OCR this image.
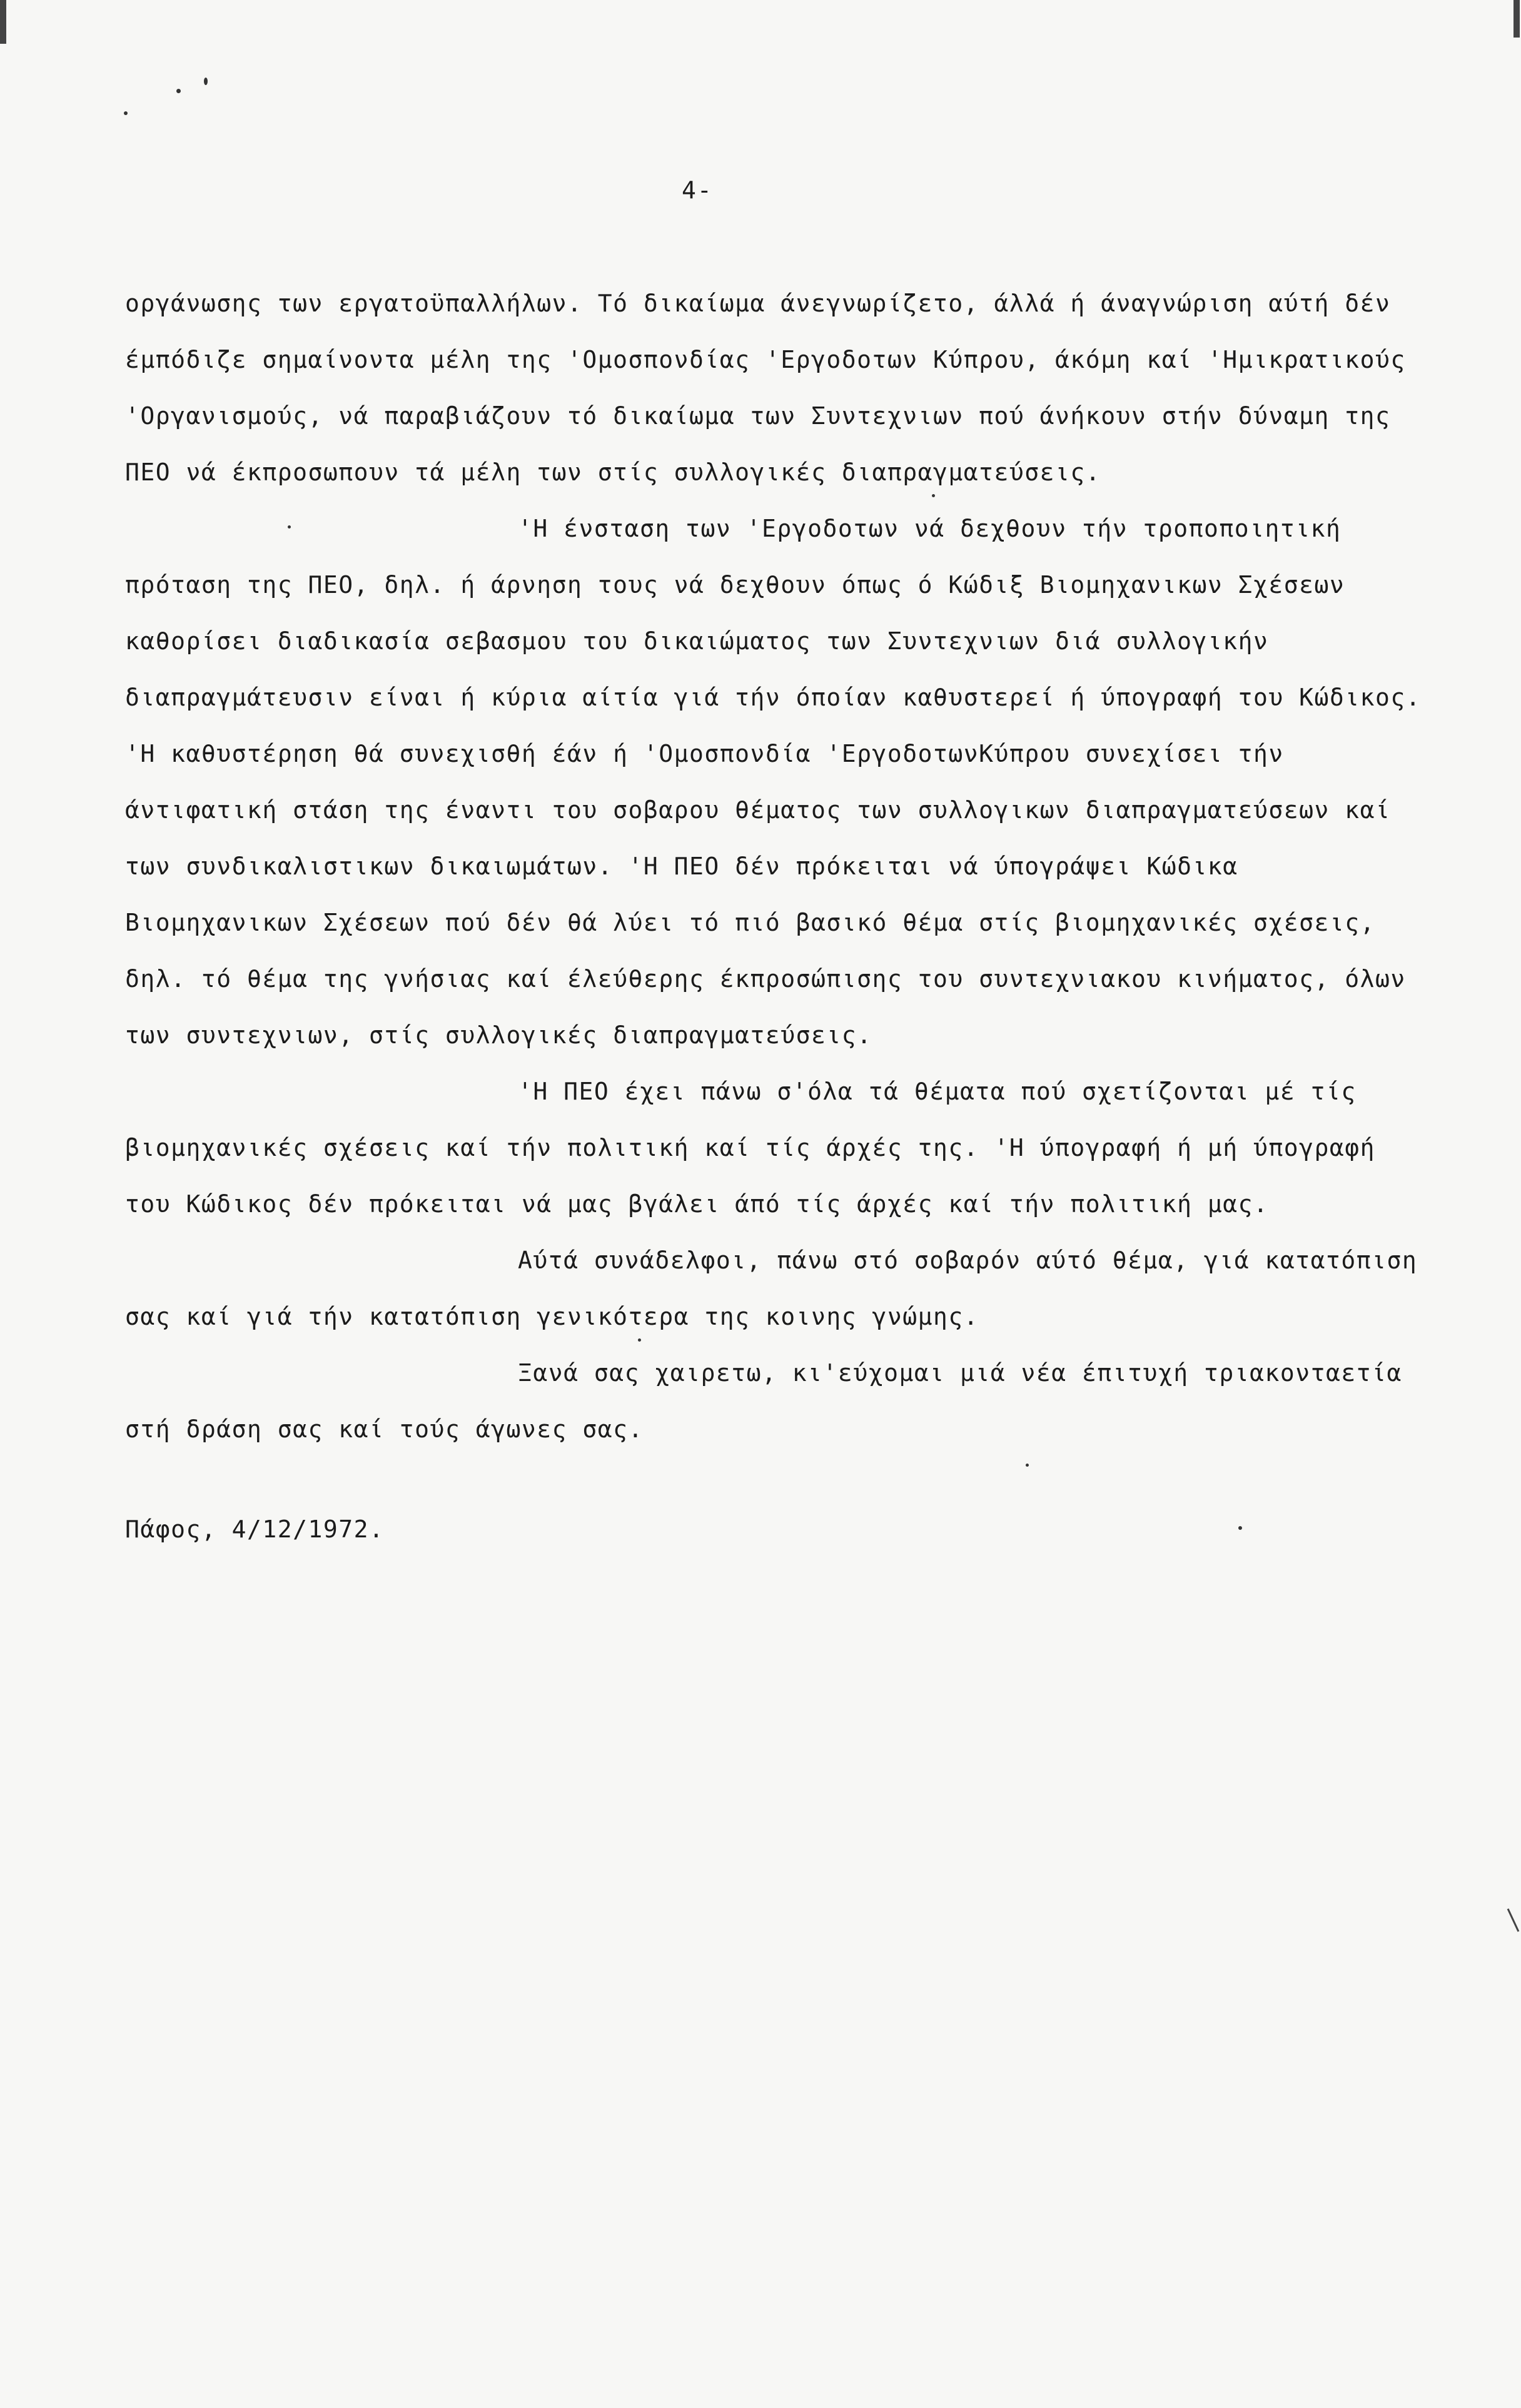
4-

οργάνωσης των εργατοϋπαλλήλων. Τό δικαίωμα άνεγνωρίζετο, άλλά ή άναγνώριση αύτή δέν έμπόδιζε σημαίνοντα μέλη της 'Ομοσπονδίας 'Εργοδοτων Κύπρου, άκόμη καί 'Ημικρατικούς 'Οργανισμούς, νά παραβιάζουν τό δικαίωμα των Συντεχνιων πού άνήκουν στήν δύναμη της ΠΕΟ νά έκπροσωπουν τά μέλη των στίς συλλογικές διαπραγματεύσεις.

'Η ένσταση των 'Εργοδοτων νά δεχθουν τήν τροποποιητική πρόταση της ΠΕΟ, δηλ. ή άρνηση τους νά δεχθουν όπως ό Κώδιξ Βιομηχανικων Σχέσεων καθορίσει διαδικασία σεβασμου του δικαιώματος των Συντεχνιων διά συλλογικήν διαπραγμάτευσιν είναι ή κύρια αίτία γιά τήν όποίαν καθυστερεί ή ύπογραφή του Κώδικος. 'Η καθυστέρηση θά συνεχισθή έάν ή 'Ομοσπονδία 'ΕργοδοτωνΚύπρου συνεχίσει τήν άντιφατική στάση της έναντι του σοβαρου θέματος των συλλογικων διαπραγματεύσεων καί των συνδικαλιστικων δικαιωμάτων. 'Η ΠΕΟ δέν πρόκειται νά ύπογράψει Κώδικα Βιομηχανικων Σχέσεων πού δέν θά λύει τό πιό βασικό θέμα στίς βιομηχανικές σχέσεις, δηλ. τό θέμα της γνήσιας καί έλεύθερης έκπροσώπισης του συντεχνιακου κινήματος, όλων των συντεχνιων, στίς συλλογικές διαπραγματεύσεις.

'Η ΠΕΟ έχει πάνω σ'όλα τά θέματα πού σχετίζονται μέ τίς βιομηχανικές σχέσεις καί τήν πολιτική καί τίς άρχές της. 'Η ύπογραφή ή μή ύπογραφή του Κώδικος δέν πρόκειται νά μας βγάλει άπό τίς άρχές καί τήν πολιτική μας.

Αύτά συνάδελφοι, πάνω στό σοβαρόν αύτό θέμα, γιά κατατόπιση σας καί γιά τήν κατατόπιση γενικότερα της κοινης γνώμης.

Ξανά σας χαιρετω, κι'εύχομαι μιά νέα έπιτυχή τριακονταετία στή δράση σας καί τούς άγωνες σας.

Πάφος, 4/12/1972.
